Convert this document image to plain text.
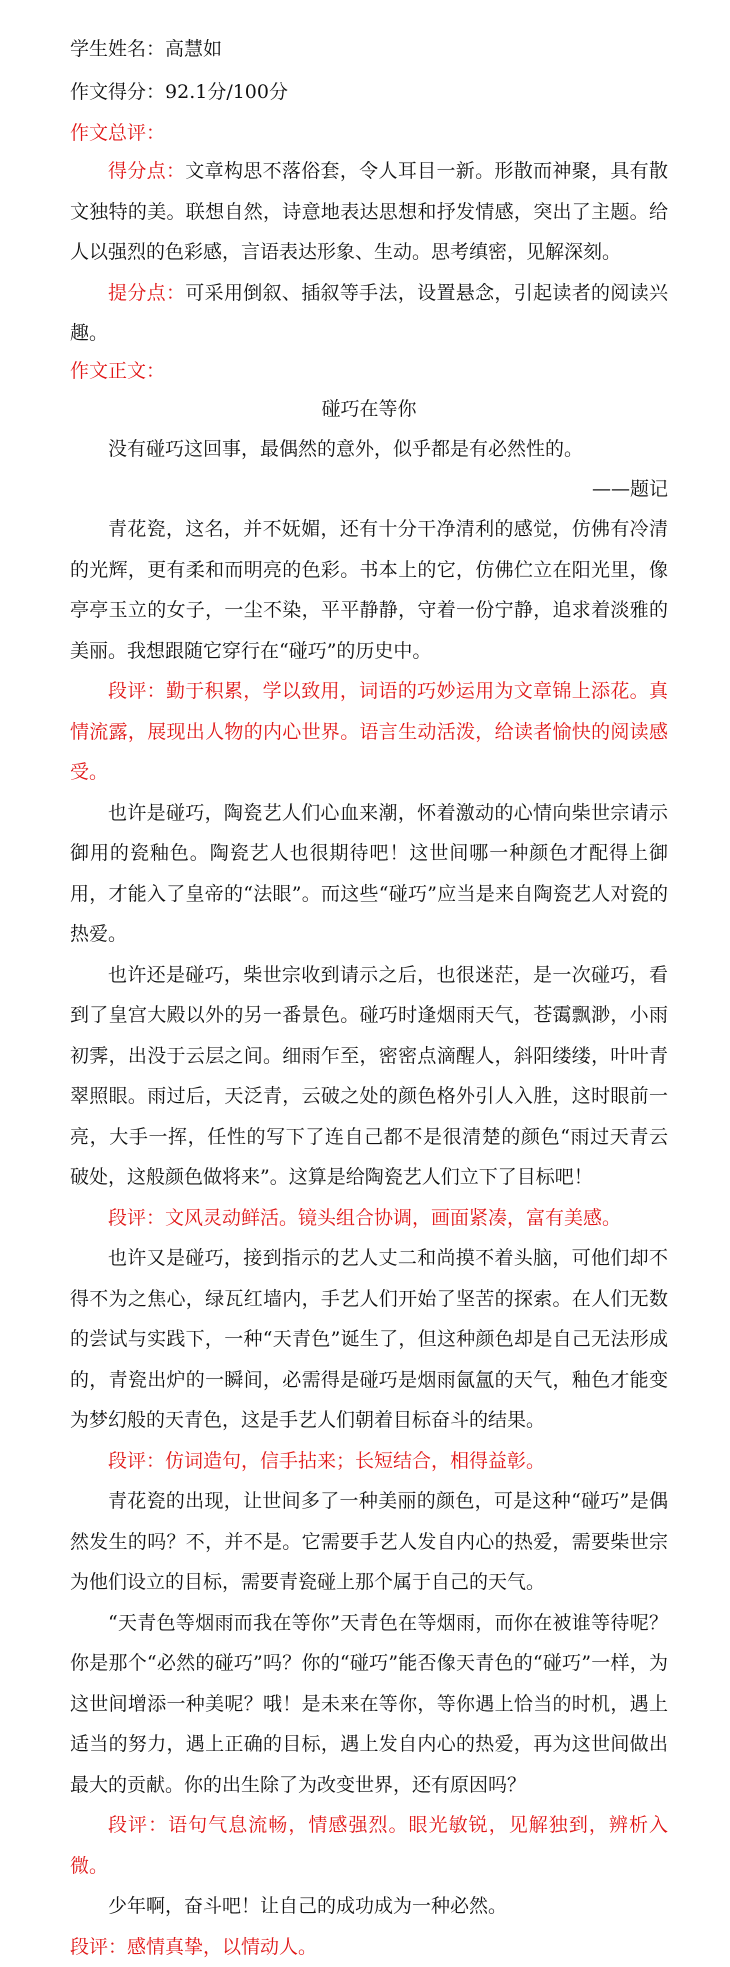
学生姓名：高慧如
作文得分：92.1分/100分
作文总评：

得分点：文章构思不落俗套，令人耳目一新。形散而神聚，具有散文独特的美。联想自然，诗意地表达思想和抒发情感，突出了主题。给人以强烈的色彩感，言语表达形象、生动。思考缜密，见解深刻。

提分点：可采用倒叙、插叙等手法，设置悬念，引起读者的阅读兴趣。

作文正文：
碰巧在等你

没有碰巧这回事，最偶然的意外，似乎都是有必然性的。

——题记

青花瓷，这名，并不妩媚，还有十分干净清利的感觉，仿佛有冷清的光辉，更有柔和而明亮的色彩。书本上的它，仿佛伫立在阳光里，像亭亭玉立的女子，一尘不染，平平静静，守着一份宁静，追求着淡雅的美丽。我想跟随它穿行在“碰巧”的历史中。

段评：勤于积累，学以致用，词语的巧妙运用为文章锦上添花。真情流露，展现出人物的内心世界。语言生动活泼，给读者愉快的阅读感受。

也许是碰巧，陶瓷艺人们心血来潮，怀着激动的心情向柴世宗请示御用的瓷釉色。陶瓷艺人也很期待吧！这世间哪一种颜色才配得上御用，才能入了皇帝的“法眼”。而这些“碰巧”应当是来自陶瓷艺人对瓷的热爱。

也许还是碰巧，柴世宗收到请示之后，也很迷茫，是一次碰巧，看到了皇宫大殿以外的另一番景色。碰巧时逢烟雨天气，苍霭飘渺，小雨初霁，出没于云层之间。细雨乍至，密密点滴醒人，斜阳缕缕，叶叶青翠照眼。雨过后，天泛青，云破之处的颜色格外引人入胜，这时眼前一亮，大手一挥，任性的写下了连自己都不是很清楚的颜色“雨过天青云破处，这般颜色做将来”。这算是给陶瓷艺人们立下了目标吧！

段评：文风灵动鲜活。镜头组合协调，画面紧凑，富有美感。

也许又是碰巧，接到指示的艺人丈二和尚摸不着头脑，可他们却不得不为之焦心，绿瓦红墙内，手艺人们开始了坚苦的探索。在人们无数的尝试与实践下，一种“天青色”诞生了，但这种颜色却是自己无法形成的，青瓷出炉的一瞬间，必需得是碰巧是烟雨氤氲的天气，釉色才能变为梦幻般的天青色，这是手艺人们朝着目标奋斗的结果。

段评：仿词造句，信手拈来；长短结合，相得益彰。

青花瓷的出现，让世间多了一种美丽的颜色，可是这种“碰巧”是偶然发生的吗？不，并不是。它需要手艺人发自内心的热爱，需要柴世宗为他们设立的目标，需要青瓷碰上那个属于自己的天气。

“天青色等烟雨而我在等你”天青色在等烟雨，而你在被谁等待呢？你是那个“必然的碰巧”吗？你的“碰巧”能否像天青色的“碰巧”一样，为这世间增添一种美呢？哦！是未来在等你，等你遇上恰当的时机，遇上适当的努力，遇上正确的目标，遇上发自内心的热爱，再为这世间做出最大的贡献。你的出生除了为改变世界，还有原因吗？

段评：语句气息流畅，情感强烈。眼光敏锐，见解独到，辨析入微。

少年啊，奋斗吧！让自己的成功成为一种必然。

段评：感情真挚，以情动人。
